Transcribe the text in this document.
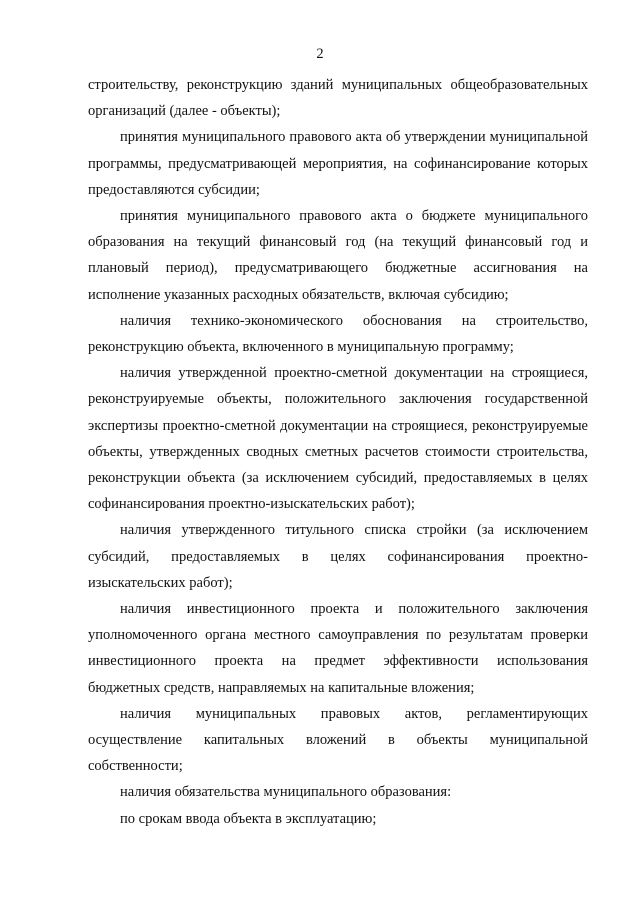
2

строительству, реконструкцию зданий муниципальных общеобразовательных организаций (далее - объекты);

принятия муниципального правового акта об утверждении муниципальной программы, предусматривающей мероприятия, на софинансирование которых предоставляются субсидии;

принятия муниципального правового акта о бюджете муниципального образования на текущий финансовый год (на текущий финансовый год и плановый период), предусматривающего бюджетные ассигнования на исполнение указанных расходных обязательств, включая субсидию;

наличия технико-экономического обоснования на строительство, реконструкцию объекта, включенного в муниципальную программу;

наличия утвержденной проектно-сметной документации на строящиеся, реконструируемые объекты, положительного заключения государственной экспертизы проектно-сметной документации на строящиеся, реконструируемые объекты, утвержденных сводных сметных расчетов стоимости строительства, реконструкции объекта (за исключением субсидий, предоставляемых в целях софинансирования проектно-изыскательских работ);

наличия утвержденного титульного списка стройки (за исключением субсидий, предоставляемых в целях софинансирования проектно-изыскательских работ);

наличия инвестиционного проекта и положительного заключения уполномоченного органа местного самоуправления по результатам проверки инвестиционного проекта на предмет эффективности использования бюджетных средств, направляемых на капитальные вложения;

наличия муниципальных правовых актов, регламентирующих осуществление капитальных вложений в объекты муниципальной собственности;

наличия обязательства муниципального образования:

по срокам ввода объекта в эксплуатацию;
